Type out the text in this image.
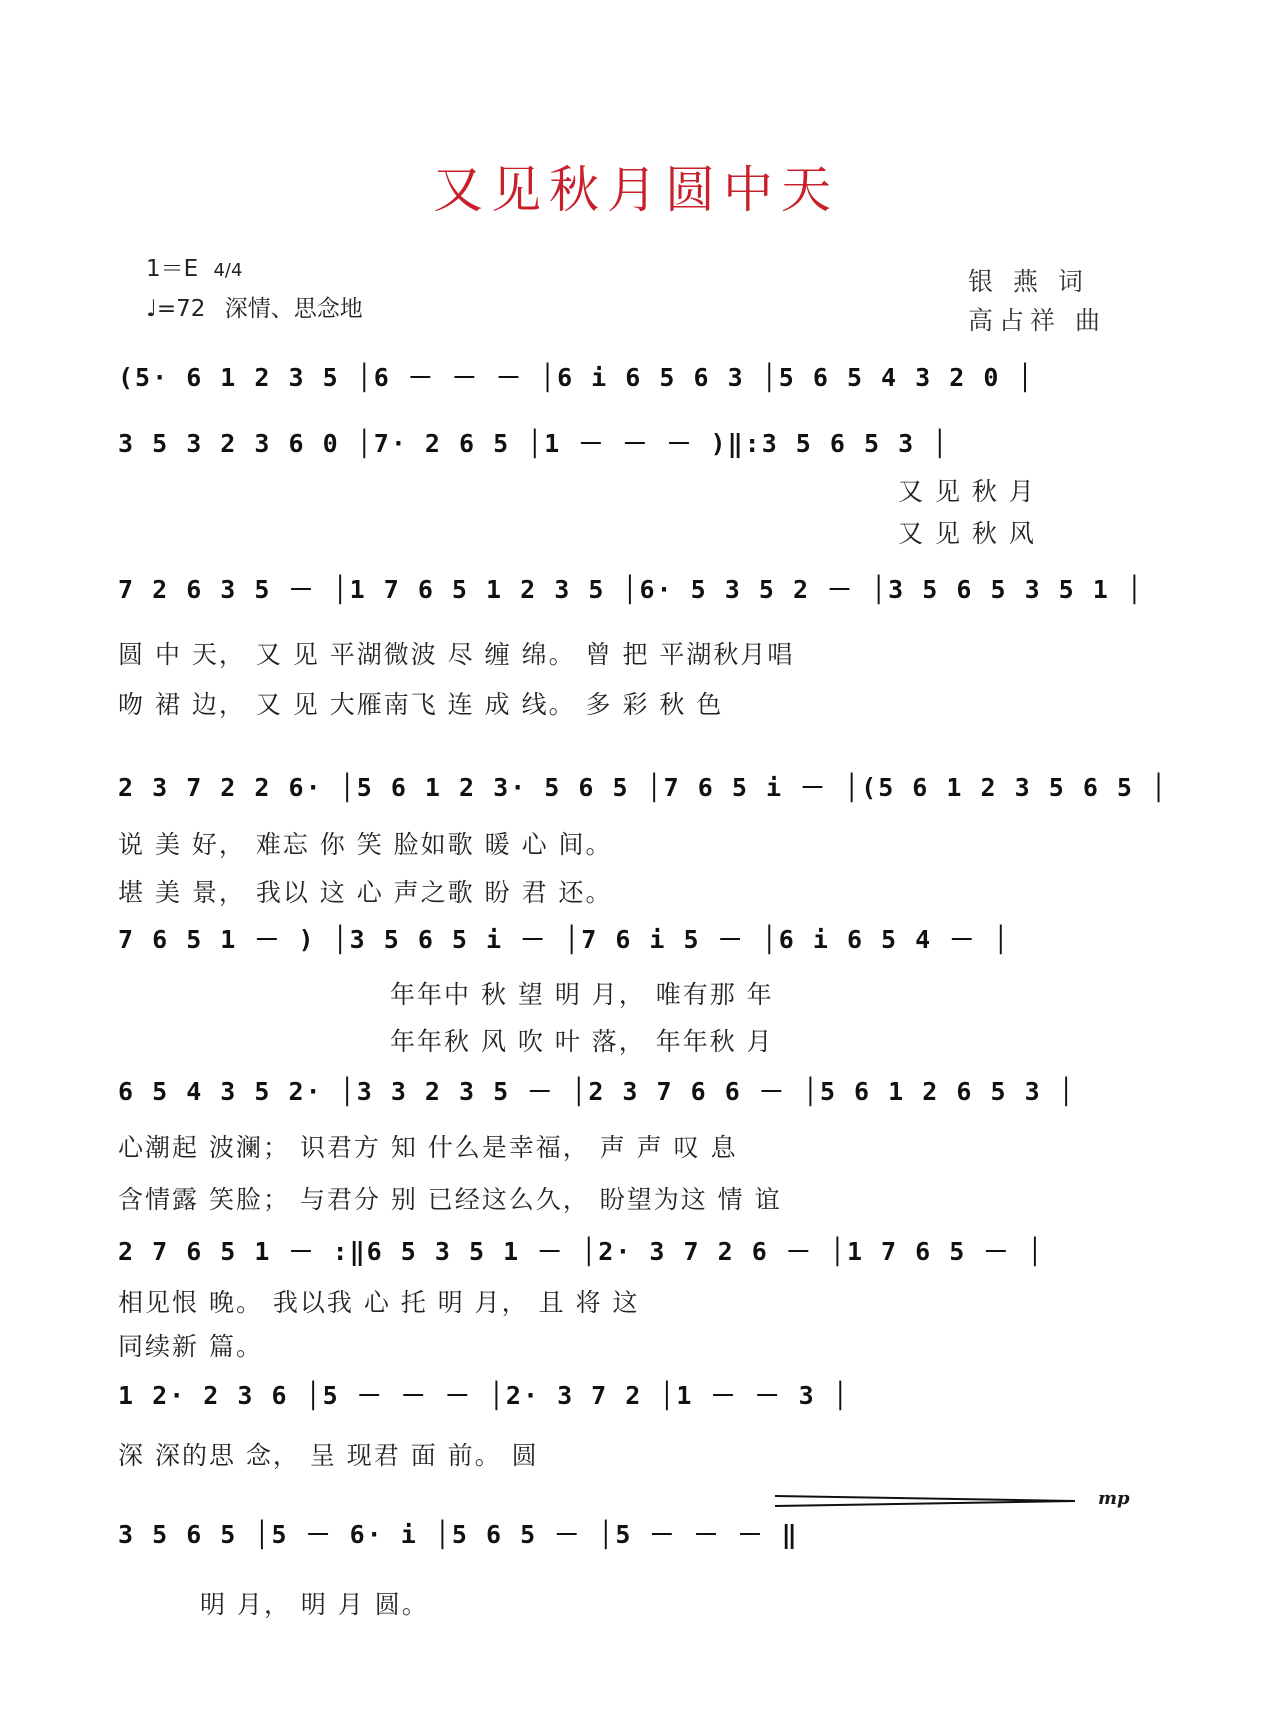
又见秋月圆中天
1＝E 4/4
♩=72 深情、思念地
银 燕 词
高占祥 曲
(5· 6 1 2 3 5 │6 － － － │6 i 6 5 6 3 │5 6 5 4 3 2 0 │
3 5 3 2 3 6 0 │7· 2 6 5 │1 － － － )‖:3 5 6 5 3 │
又 见 秋 月
又 见 秋 风
7 2 6 3 5 － │1 7 6 5 1 2 3 5 │6· 5 3 5 2 － │3 5 6 5 3 5 1 │
圆 中 天， 又 见 平湖微波 尽 缠 绵。 曾 把 平湖秋月唱
吻 裙 边， 又 见 大雁南飞 连 成 线。 多 彩 秋 色
2 3 7 2 2 6· │5 6 1 2 3· 5 6 5 │7 6 5 i － │(5 6 1 2 3 5 6 5 │
说 美 好， 难忘 你 笑 脸如歌 暖 心 间。
堪 美 景， 我以 这 心 声之歌 盼 君 还。
7 6 5 1 － ) │3 5 6 5 i － │7 6 i 5 － │6 i 6 5 4 － │
年年中 秋 望 明 月， 唯有那 年
年年秋 风 吹 叶 落， 年年秋 月
6 5 4 3 5 2· │3 3 2 3 5 － │2 3 7 6 6 － │5 6 1 2 6 5 3 │
心潮起 波澜； 识君方 知 什么是幸福， 声 声 叹 息
含情露 笑脸； 与君分 别 已经这么久， 盼望为这 情 谊
2 7 6 5 1 － :‖6 5 3 5 1 － │2· 3 7 2 6 － │1 7 6 5 － │
相见恨 晚。 我以我 心 托 明 月， 且 将 这
同续新 篇。
1 2· 2 3 6 │5 － － － │2· 3 7 2 │1 － － 3 │
深 深的思 念， 呈 现君 面 前。 圆
3 5 6 5 │5 － 6· i │5 6 5 － │5 － － － ‖
明 月， 明 月 圆。
mp
